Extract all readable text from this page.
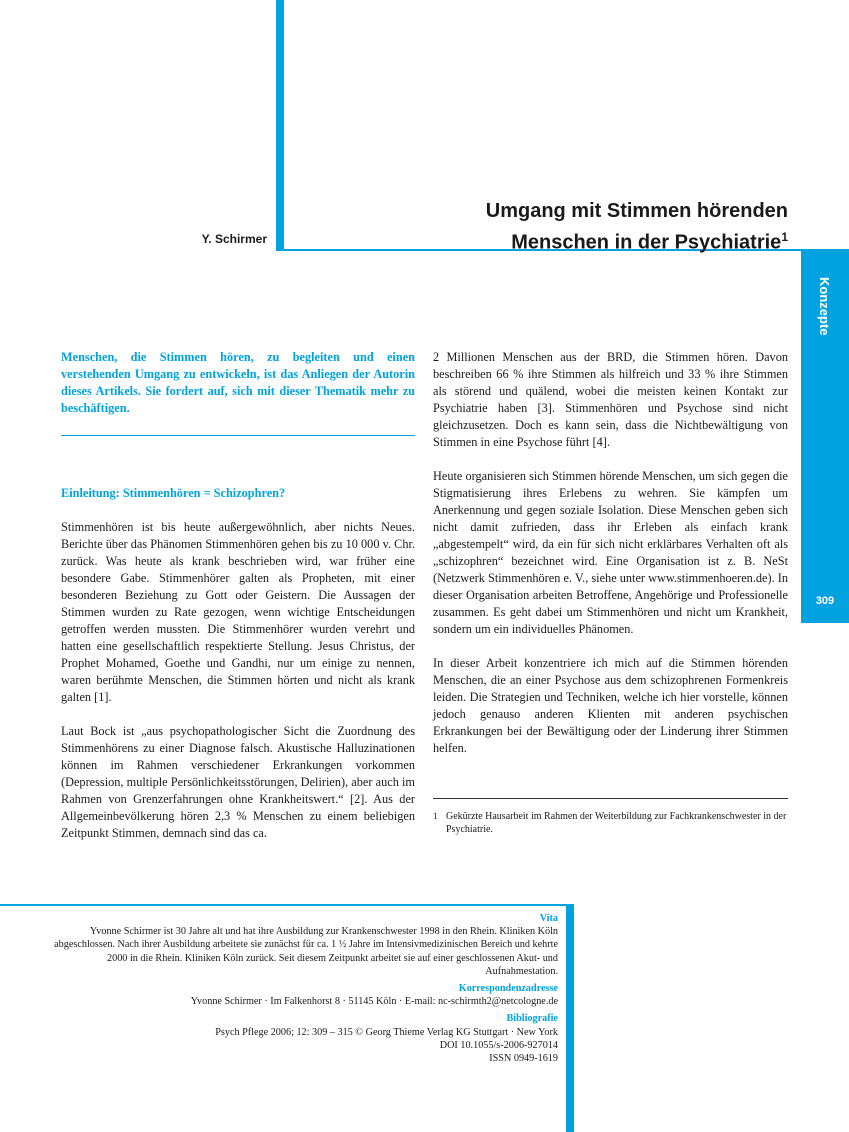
Y. Schirmer
Umgang mit Stimmen hörenden
Menschen in der Psychiatrie$^1$
Konzepte
309

Menschen, die Stimmen hören, zu begleiten und einen verstehenden Umgang zu entwickeln, ist das Anliegen der Autorin dieses Artikels. Sie fordert auf, sich mit dieser Thematik mehr zu beschäftigen.

Einleitung: Stimmenhören = Schizophren?

Stimmenhören ist bis heute außergewöhnlich, aber nichts Neues. Berichte über das Phänomen Stimmenhören gehen bis zu 10 000 v. Chr. zurück. Was heute als krank beschrieben wird, war früher eine besondere Gabe. Stimmenhörer galten als Propheten, mit einer besonderen Beziehung zu Gott oder Geistern. Die Aussagen der Stimmen wurden zu Rate gezogen, wenn wichtige Entscheidungen getroffen werden mussten. Die Stimmenhörer wurden verehrt und hatten eine gesellschaftlich respektierte Stellung. Jesus Christus, der Prophet Mohamed, Goethe und Gandhi, nur um einige zu nennen, waren berühmte Menschen, die Stimmen hörten und nicht als krank galten [1].

Laut Bock ist „aus psychopathologischer Sicht die Zuordnung des Stimmenhörens zu einer Diagnose falsch. Akustische Halluzinationen können im Rahmen verschiedener Erkrankungen vorkommen (Depression, multiple Persönlichkeitsstörungen, Delirien), aber auch im Rahmen von Grenzerfahrungen ohne Krankheitswert.“ [2]. Aus der Allgemeinbevölkerung hören 2,3 % Menschen zu einem beliebigen Zeitpunkt Stimmen, demnach sind das ca.

2 Millionen Menschen aus der BRD, die Stimmen hören. Davon beschreiben 66 % ihre Stimmen als hilfreich und 33 % ihre Stimmen als störend und quälend, wobei die meisten keinen Kontakt zur Psychiatrie haben [3]. Stimmenhören und Psychose sind nicht gleichzusetzen. Doch es kann sein, dass die Nichtbewältigung von Stimmen in eine Psychose führt [4].

Heute organisieren sich Stimmen hörende Menschen, um sich gegen die Stigmatisierung ihres Erlebens zu wehren. Sie kämpfen um Anerkennung und gegen soziale Isolation. Diese Menschen geben sich nicht damit zufrieden, dass ihr Erleben als einfach krank „abgestempelt“ wird, da ein für sich nicht erklärbares Verhalten oft als „schizophren“ bezeichnet wird. Eine Organisation ist z. B. NeSt (Netzwerk Stimmenhören e. V., siehe unter www.stimmenhoeren.de). In dieser Organisation arbeiten Betroffene, Angehörige und Professionelle zusammen. Es geht dabei um Stimmenhören und nicht um Krankheit, sondern um ein individuelles Phänomen.

In dieser Arbeit konzentriere ich mich auf die Stimmen hörenden Menschen, die an einer Psychose aus dem schizophrenen Formenkreis leiden. Die Strategien und Techniken, welche ich hier vorstelle, können jedoch genauso anderen Klienten mit anderen psychischen Erkrankungen bei der Bewältigung oder der Linderung ihrer Stimmen helfen.

1 Gekürzte Hausarbeit im Rahmen der Weiterbildung zur Fachkrankenschwester in der Psychiatrie.
Vita
Yvonne Schirmer ist 30 Jahre alt und hat ihre Ausbildung zur Krankenschwester 1998 in den Rhein. Kliniken Köln abgeschlossen. Nach ihrer Ausbildung arbeitete sie zunächst für ca. 1 ½ Jahre im Intensivmedizinischen Bereich und kehrte 2000 in die Rhein. Kliniken Köln zurück. Seit diesem Zeitpunkt arbeitet sie auf einer geschlossenen Akut- und Aufnahmestation.
Korrespondenzadresse
Yvonne Schirmer · Im Falkenhorst 8 · 51145 Köln · E-mail: nc-schirmth2@netcologne.de
Bibliografie
Psych Pflege 2006; 12: 309 – 315 © Georg Thieme Verlag KG Stuttgart · New York
DOI 10.1055/s-2006-927014
ISSN 0949-1619
